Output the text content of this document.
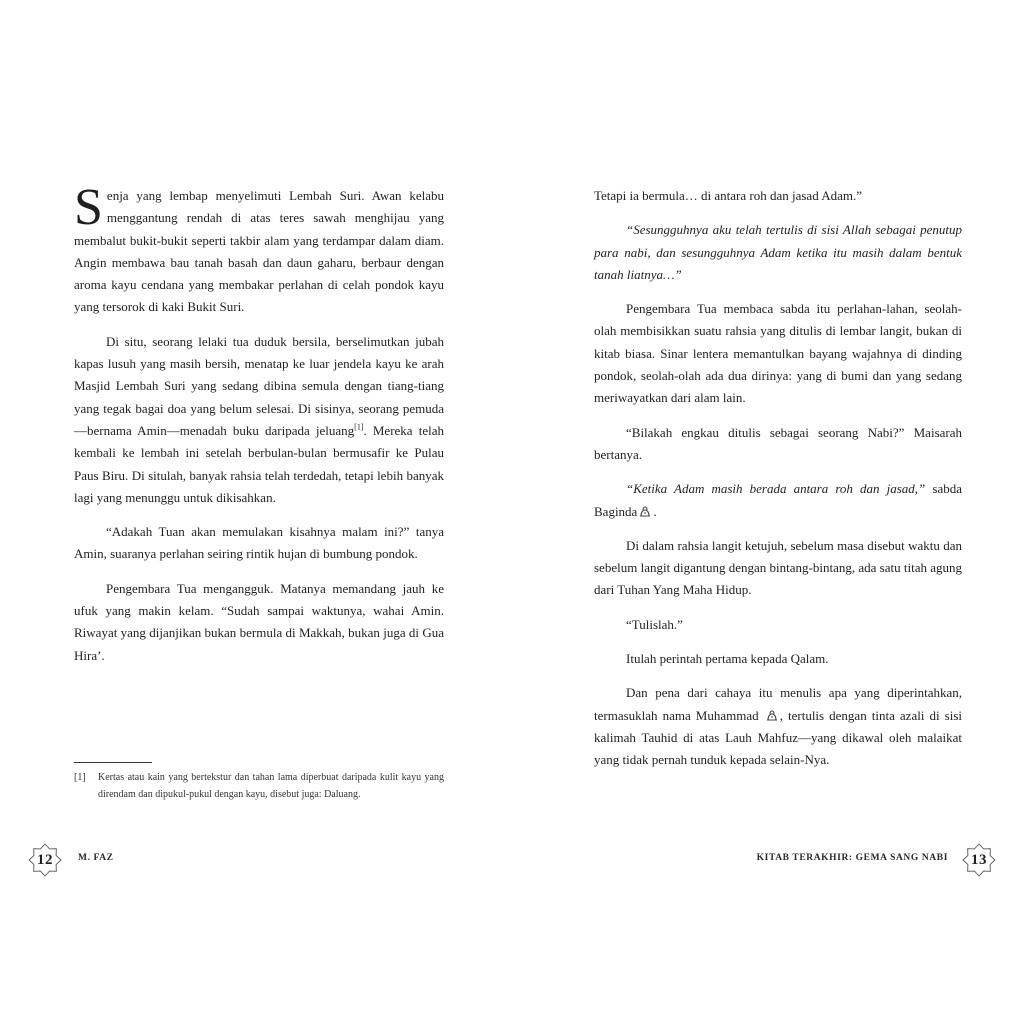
Senja yang lembap menyelimuti Lembah Suri. Awan kelabu menggantung rendah di atas teres sawah menghijau yang membalut bukit-bukit seperti takbir alam yang terdampar dalam diam. Angin membawa bau tanah basah dan daun gaharu, berbaur dengan aroma kayu cendana yang membakar perlahan di celah pondok kayu yang tersorok di kaki Bukit Suri.

Di situ, seorang lelaki tua duduk bersila, berselimutkan jubah kapas lusuh yang masih bersih, menatap ke luar jendela kayu ke arah Masjid Lembah Suri yang sedang dibina semula dengan tiang-tiang yang tegak bagai doa yang belum selesai. Di sisinya, seorang pemuda—bernama Amin—menadah buku daripada jeluang[1]. Mereka telah kembali ke lembah ini setelah berbulan-bulan bermusafir ke Pulau Paus Biru. Di situlah, banyak rahsia telah terdedah, tetapi lebih banyak lagi yang menunggu untuk dikisahkan.

“Adakah Tuan akan memulakan kisahnya malam ini?” tanya Amin, suaranya perlahan seiring rintik hujan di bumbung pondok.

Pengembara Tua mengangguk. Matanya memandang jauh ke ufuk yang makin kelam. “Sudah sampai waktunya, wahai Amin. Riwayat yang dijanjikan bukan bermula di Makkah, bukan juga di Gua Hira’.

[1]	Kertas atau kain yang bertekstur dan tahan lama diperbuat daripada kulit kayu yang direndam dan dipukul-pukul dengan kayu, disebut juga: Daluang.
12	M. FAZ

Tetapi ia bermula… di antara roh dan jasad Adam.”

“Sesungguhnya aku telah tertulis di sisi Allah sebagai penutup para nabi, dan sesungguhnya Adam ketika itu masih dalam bentuk tanah liatnya…”

Pengembara Tua membaca sabda itu perlahan-lahan, seolah-olah membisikkan suatu rahsia yang ditulis di lembar langit, bukan di kitab biasa. Sinar lentera memantulkan bayang wajahnya di dinding pondok, seolah-olah ada dua dirinya: yang di bumi dan yang sedang meriwayatkan dari alam lain.

“Bilakah engkau ditulis sebagai seorang Nabi?” Maisarah bertanya.

“Ketika Adam masih berada antara roh dan jasad,” sabda Baginda .

Di dalam rahsia langit ketujuh, sebelum masa disebut waktu dan sebelum langit digantung dengan bintang-bintang, ada satu titah agung dari Tuhan Yang Maha Hidup.

“Tulislah.”

Itulah perintah pertama kepada Qalam.

Dan pena dari cahaya itu menulis apa yang diperintahkan, termasuklah nama Muhammad , tertulis dengan tinta azali di sisi kalimah Tauhid di atas Lauh Mahfuz—yang dikawal oleh malaikat yang tidak pernah tunduk kepada selain-Nya.

KITAB TERAKHIR: GEMA SANG NABI	13
